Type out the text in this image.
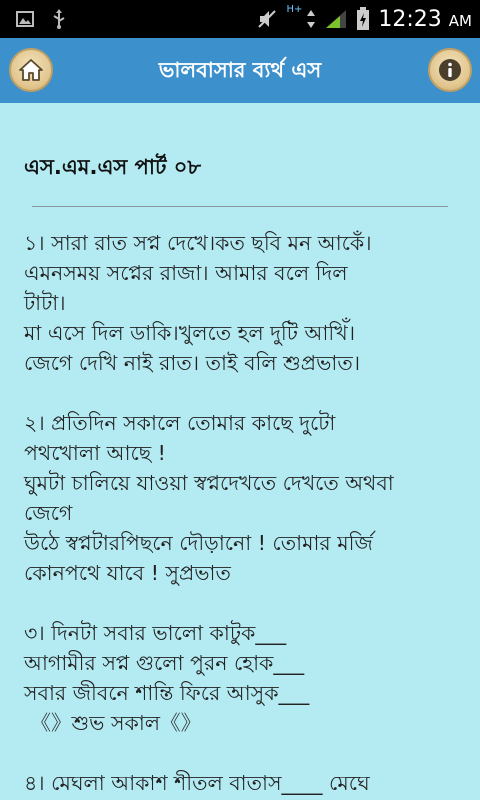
H+	12:23 AM
ভালবাসার ব্যর্থ এস
এস.এম.এস পার্ট ০৮
১। সারা রাত সপ্ন দেখে।কত ছবি মন আকেঁ।
এমনসময় সপ্নের রাজা। আমার বলে দিল
টাটা।
মা এসে দিল ডাকি।খুলতে হল দুটি আখিঁ।
জেগে দেখি নাই রাত। তাই বলি শুপ্রভাত।

২। প্রতিদিন সকালে তোমার কাছে দুটো
পথখোলা আছে !
ঘুমটা চালিয়ে যাওয়া স্বপ্নদেখতে দেখতে অথবা
জেগে
উঠে স্বপ্নটারপিছনে দৌড়ানো ! তোমার মর্জি
কোনপথে যাবে ! সুপ্রভাত

৩। দিনটা সবার ভালো কাটুক___
আগামীর সপ্ন গুলো পুরন হোক___
সবার জীবনে শান্তি ফিরে আসুক___
《》শুভ সকাল《》

৪। মেঘলা আকাশ শীতল বাতাস____ মেঘে
